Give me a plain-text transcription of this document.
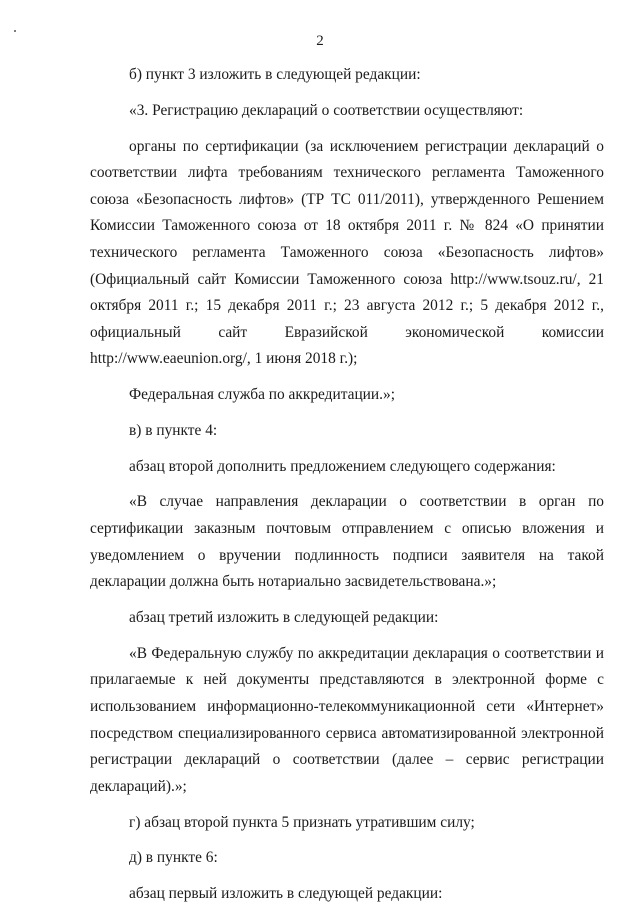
2

б) пункт 3 изложить в следующей редакции:

«3. Регистрацию деклараций о соответствии осуществляют:

органы по сертификации (за исключением регистрации деклараций о соответствии лифта требованиям технического регламента Таможенного союза «Безопасность лифтов» (ТР ТС 011/2011), утвержденного Решением Комиссии Таможенного союза от 18 октября 2011 г. № 824 «О принятии технического регламента Таможенного союза «Безопасность лифтов» (Официальный сайт Комиссии Таможенного союза http://www.tsouz.ru/, 21 октября 2011 г.; 15 декабря 2011 г.; 23 августа 2012 г.; 5 декабря 2012 г., официальный сайт Евразийской экономической комиссии

http://www.eaeunion.org/, 1 июня 2018 г.);

Федеральная служба по аккредитации.»;

в) в пункте 4:

абзац второй дополнить предложением следующего содержания:

«В случае направления декларации о соответствии в орган по сертификации заказным почтовым отправлением с описью вложения и уведомлением о вручении подлинность подписи заявителя на такой декларации должна быть нотариально засвидетельствована.»;

абзац третий изложить в следующей редакции:

«В Федеральную службу по аккредитации декларация о соответствии и прилагаемые к ней документы представляются в электронной форме с использованием информационно-телекоммуникационной сети «Интернет» посредством специализированного сервиса автоматизированной электронной регистрации деклараций о соответствии (далее – сервис регистрации деклараций).»;

г) абзац второй пункта 5 признать утратившим силу;

д) в пункте 6:

абзац первый изложить в следующей редакции:
